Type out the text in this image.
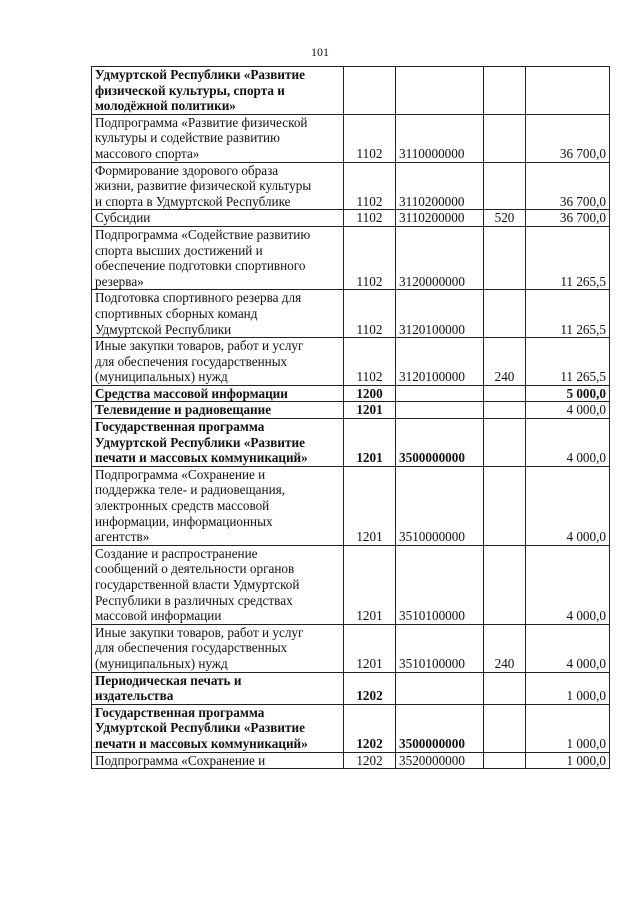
101
Удмуртской Республики «Развитие
физической культуры, спорта и
молодёжной политики»				

Подпрограмма «Развитие физической
культуры и содействие развитию
массового спорта»	1102	3110000000		36 700,0

Формирование здорового образа
жизни, развитие физической культуры
и спорта в Удмуртской Республике	1102	3110200000		36 700,0
Субсидии	1102	3110200000	520	36 700,0

Подпрограмма «Содействие развитию
спорта высших достижений и
обеспечение подготовки спортивного
резерва»	1102	3120000000		11 265,5

Подготовка спортивного резерва для
спортивных сборных команд
Удмуртской Республики	1102	3120100000		11 265,5

Иные закупки товаров, работ и услуг
для обеспечения государственных
(муниципальных) нужд	1102	3120100000	240	11 265,5
Средства массовой информации	1200			5 000,0
Телевидение и радиовещание	1201			4 000,0

Государственная программа
Удмуртской Республики «Развитие
печати и массовых коммуникаций»	1201	3500000000		4 000,0

Подпрограмма «Сохранение и
поддержка теле- и радиовещания,
электронных средств массовой
информации, информационных
агентств»	1201	3510000000		4 000,0

Создание и распространение
сообщений о деятельности органов
государственной власти Удмуртской
Республики в различных средствах
массовой информации	1201	3510100000		4 000,0

Иные закупки товаров, работ и услуг
для обеспечения государственных
(муниципальных) нужд	1201	3510100000	240	4 000,0

Периодическая печать и
издательства	1202			1 000,0

Государственная программа
Удмуртской Республики «Развитие
печати и массовых коммуникаций»	1202	3500000000		1 000,0
Подпрограмма «Сохранение и	1202	3520000000		1 000,0
